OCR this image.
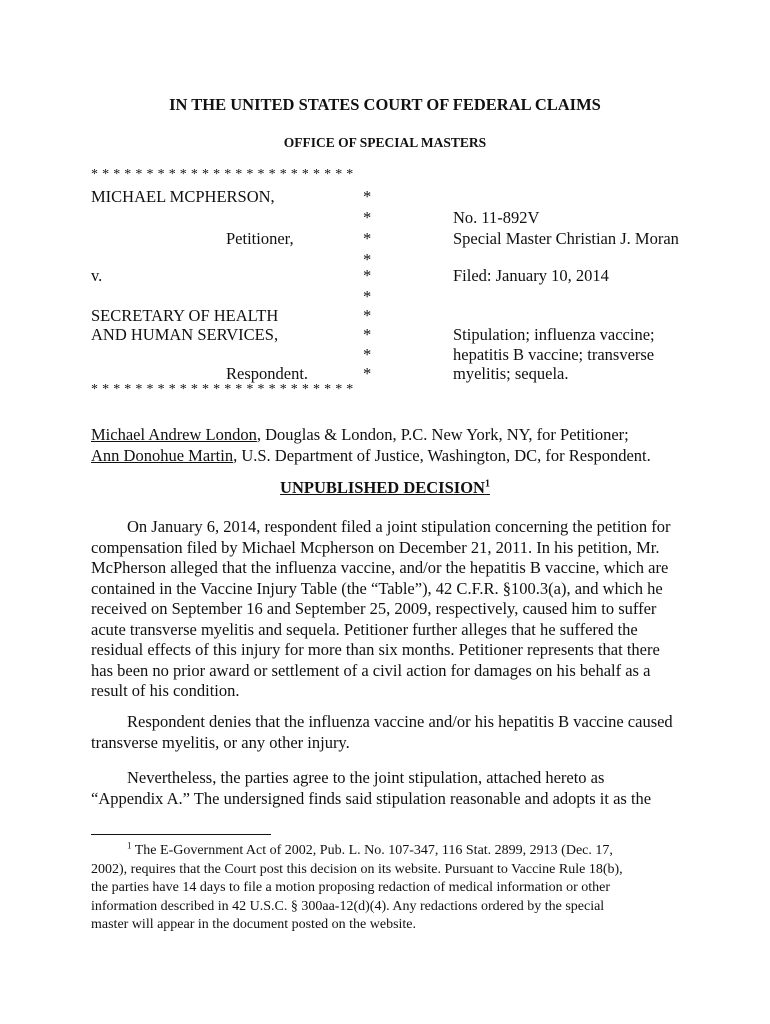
IN THE UNITED STATES COURT OF FEDERAL CLAIMS
OFFICE OF SPECIAL MASTERS
* * * * * * * * * * * * * * * * * * * * * * * *
MICHAEL MCPHERSON,	*
*	No. 11-892V
Petitioner,	*	Special Master Christian J. Moran
*
v.	*	Filed: January 10, 2014
*
SECRETARY OF HEALTH	*
AND HUMAN SERVICES,	*	Stipulation; influenza vaccine;
*	hepatitis B vaccine; transverse
Respondent.	*	myelitis; sequela.
* * * * * * * * * * * * * * * * * * * * * * * *
Michael Andrew London, Douglas & London, P.C. New York, NY, for Petitioner;
Ann Donohue Martin, U.S. Department of Justice, Washington, DC, for Respondent.
UNPUBLISHED DECISION$^1$
On January 6, 2014, respondent filed a joint stipulation concerning the petition for
compensation filed by Michael Mcpherson on December 21, 2011. In his petition, Mr.
McPherson alleged that the influenza vaccine, and/or the hepatitis B vaccine, which are
contained in the Vaccine Injury Table (the “Table”), 42 C.F.R. §100.3(a), and which he
received on September 16 and September 25, 2009, respectively, caused him to suffer
acute transverse myelitis and sequela. Petitioner further alleges that he suffered the
residual effects of this injury for more than six months. Petitioner represents that there
has been no prior award or settlement of a civil action for damages on his behalf as a
result of his condition.
Respondent denies that the influenza vaccine and/or his hepatitis B vaccine caused
transverse myelitis, or any other injury.
Nevertheless, the parties agree to the joint stipulation, attached hereto as
“Appendix A.” The undersigned finds said stipulation reasonable and adopts it as the
$^1$ The E-Government Act of 2002, Pub. L. No. 107-347, 116 Stat. 2899, 2913 (Dec. 17,
2002), requires that the Court post this decision on its website. Pursuant to Vaccine Rule 18(b),
the parties have 14 days to file a motion proposing redaction of medical information or other
information described in 42 U.S.C. § 300aa-12(d)(4). Any redactions ordered by the special
master will appear in the document posted on the website.
